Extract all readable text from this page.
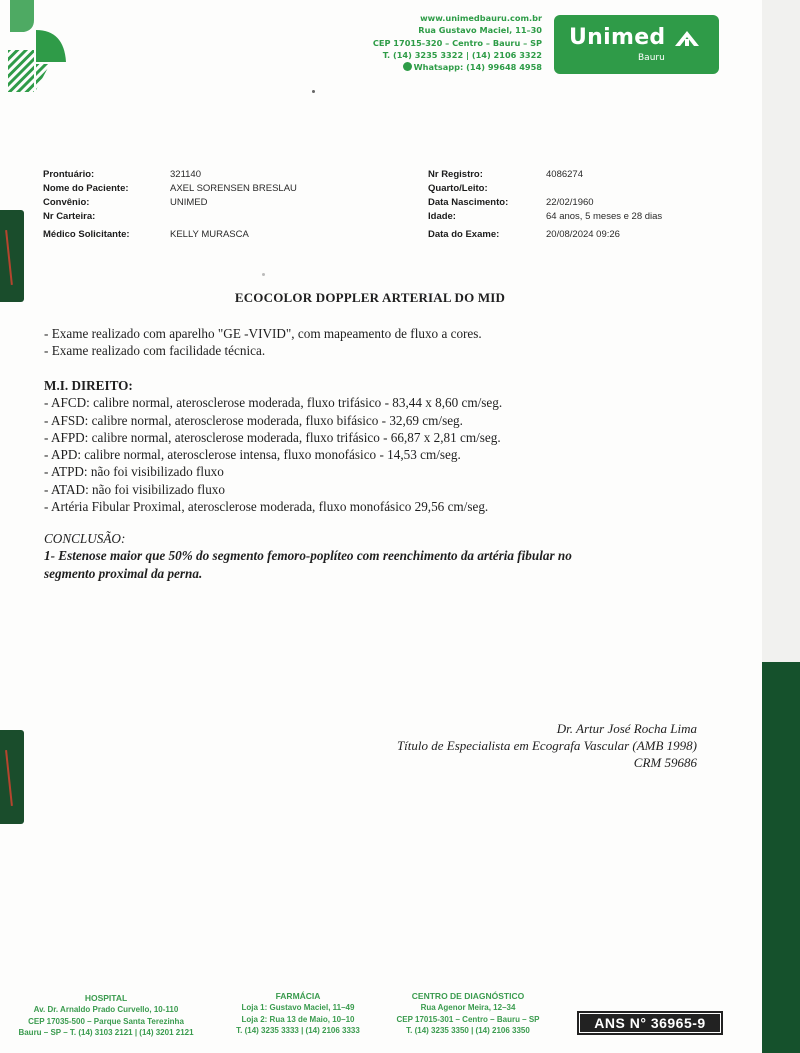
www.unimedbauru.com.br
Rua Gustavo Maciel, 11–30
CEP 17015-320 – Centro – Bauru – SP
T. (14) 3235 3322 | (14) 2106 3322
Whatsapp: (14) 99648 4958
Unimed
Bauru
Prontuário:
Nome do Paciente:
Convênio:
Nr Carteira:
Médico Solicitante:
321140
AXEL SORENSEN BRESLAU
UNIMED
KELLY MURASCA
Nr Registro:
Quarto/Leito:
Data Nascimento:
Idade:
Data do Exame:
4086274
22/02/1960
64 anos, 5 meses e 28 dias
20/08/2024 09:26
ECOCOLOR DOPPLER ARTERIAL DO MID
- Exame realizado com aparelho "GE -VIVID", com mapeamento de fluxo a cores.
- Exame realizado com facilidade técnica.
M.I. DIREITO:
- AFCD: calibre normal, aterosclerose moderada, fluxo trifásico - 83,44 x 8,60 cm/seg.
- AFSD: calibre normal, aterosclerose moderada, fluxo bifásico - 32,69 cm/seg.
- AFPD: calibre normal, aterosclerose moderada, fluxo trifásico - 66,87 x 2,81 cm/seg.
- APD: calibre normal, aterosclerose intensa, fluxo monofásico - 14,53 cm/seg.
- ATPD: não foi visibilizado fluxo
- ATAD: não foi visibilizado fluxo
- Artéria Fibular Proximal, aterosclerose moderada, fluxo monofásico 29,56 cm/seg.
CONCLUSÃO:
1- Estenose maior que 50% do segmento femoro-poplíteo com reenchimento da artéria fibular no
segmento proximal da perna.
Dr. Artur José Rocha Lima
Título de Especialista em Ecografa Vascular (AMB 1998)
CRM 59686
HOSPITAL
Av. Dr. Arnaldo Prado Curvello, 10-110
CEP 17035-500 – Parque Santa Terezinha
Bauru – SP – T. (14) 3103 2121 | (14) 3201 2121
FARMÁCIA
Loja 1: Gustavo Maciel, 11–49
Loja 2: Rua 13 de Maio, 10–10
T. (14) 3235 3333 | (14) 2106 3333
CENTRO DE DIAGNÓSTICO
Rua Agenor Meira, 12–34
CEP 17015-301 – Centro – Bauru – SP
T. (14) 3235 3350 | (14) 2106 3350	ANS N° 36965-9
